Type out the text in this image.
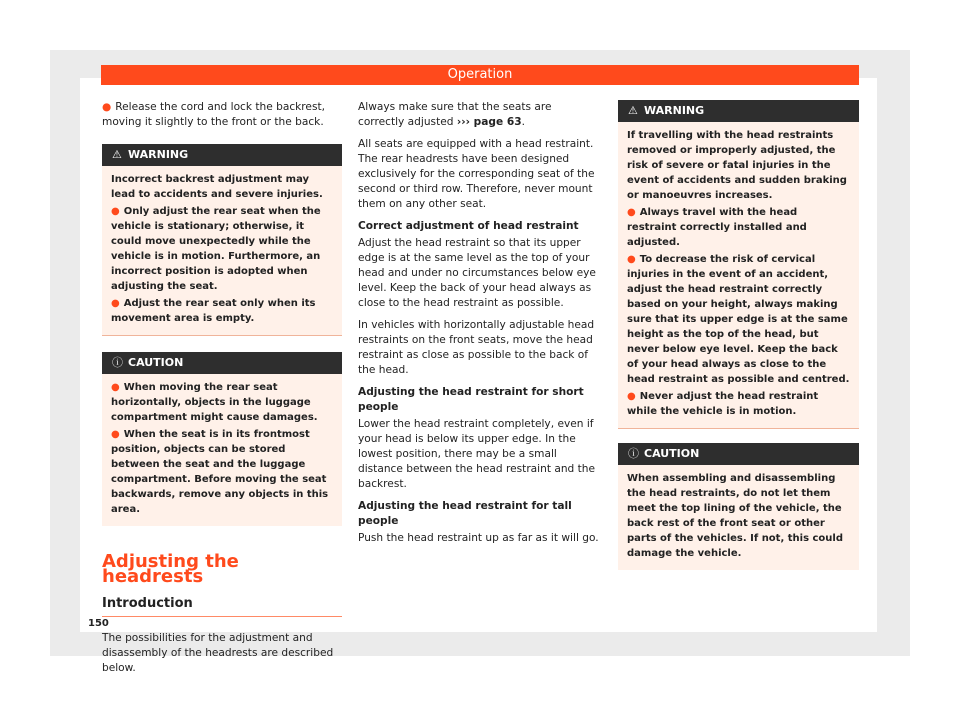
Operation

● Release the cord and lock the backrest, moving it slightly to the front or the back.

⚠ WARNING

Incorrect backrest adjustment may lead to accidents and severe injuries.

● Only adjust the rear seat when the vehicle is stationary; otherwise, it could move unexpectedly while the vehicle is in motion. Furthermore, an incorrect position is adopted when adjusting the seat.

● Adjust the rear seat only when its movement area is empty.

ⓘ CAUTION

● When moving the rear seat horizontally, objects in the luggage compartment might cause damages.

● When the seat is in its frontmost position, objects can be stored between the seat and the luggage compartment. Before moving the seat backwards, remove any objects in this area.

Adjusting the headrests
Introduction

The possibilities for the adjustment and disassembly of the headrests are described below.

Always make sure that the seats are correctly adjusted ››› page 63.

All seats are equipped with a head restraint. The rear headrests have been designed exclusively for the corresponding seat of the second or third row. Therefore, never mount them on any other seat.

Correct adjustment of head restraint

Adjust the head restraint so that its upper edge is at the same level as the top of your head and under no circumstances below eye level. Keep the back of your head always as close to the head restraint as possible.

In vehicles with horizontally adjustable head restraints on the front seats, move the head restraint as close as possible to the back of the head.

Adjusting the head restraint for short people

Lower the head restraint completely, even if your head is below its upper edge. In the lowest position, there may be a small distance between the head restraint and the backrest.

Adjusting the head restraint for tall people

Push the head restraint up as far as it will go.

⚠ WARNING

If travelling with the head restraints removed or improperly adjusted, the risk of severe or fatal injuries in the event of accidents and sudden braking or manoeuvres increases.

● Always travel with the head restraint correctly installed and adjusted.

● To decrease the risk of cervical injuries in the event of an accident, adjust the head restraint correctly based on your height, always making sure that its upper edge is at the same height as the top of the head, but never below eye level. Keep the back of your head always as close to the head restraint as possible and centred.

● Never adjust the head restraint while the vehicle is in motion.

ⓘ CAUTION

When assembling and disassembling the head restraints, do not let them meet the top lining of the vehicle, the back rest of the front seat or other parts of the vehicles. If not, this could damage the vehicle.

150
